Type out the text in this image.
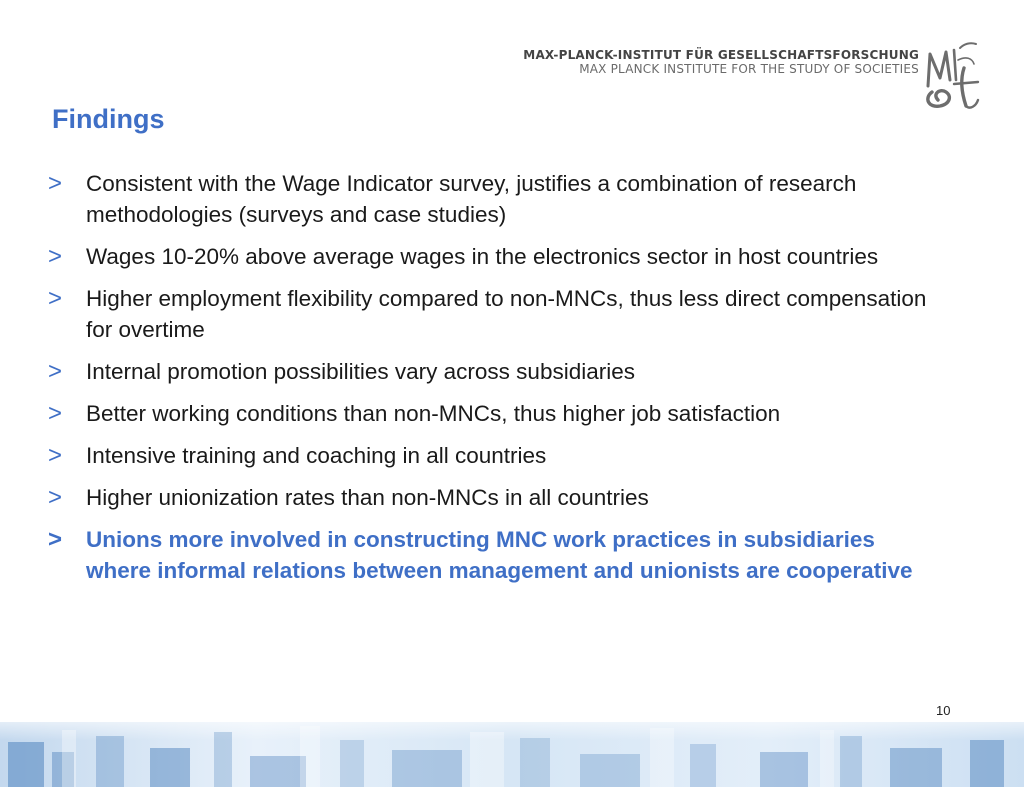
MAX-PLANCK-INSTITUT FÜR GESELLSCHAFTSFORSCHUNG
MAX PLANCK INSTITUTE FOR THE STUDY OF SOCIETIES
Findings
> Consistent with the Wage Indicator survey, justifies a combination of research methodologies (surveys and case studies)
> Wages 10-20% above average wages in the electronics sector in host countries
> Higher employment flexibility compared to non-MNCs, thus less direct compensation for overtime
> Internal promotion possibilities vary across subsidiaries
> Better working conditions than non-MNCs, thus higher job satisfaction
> Intensive training and coaching in all countries
> Higher unionization rates than non-MNCs in all countries
> Unions more involved in constructing MNC work practices in subsidiaries where informal relations between management and unionists are cooperative
10
